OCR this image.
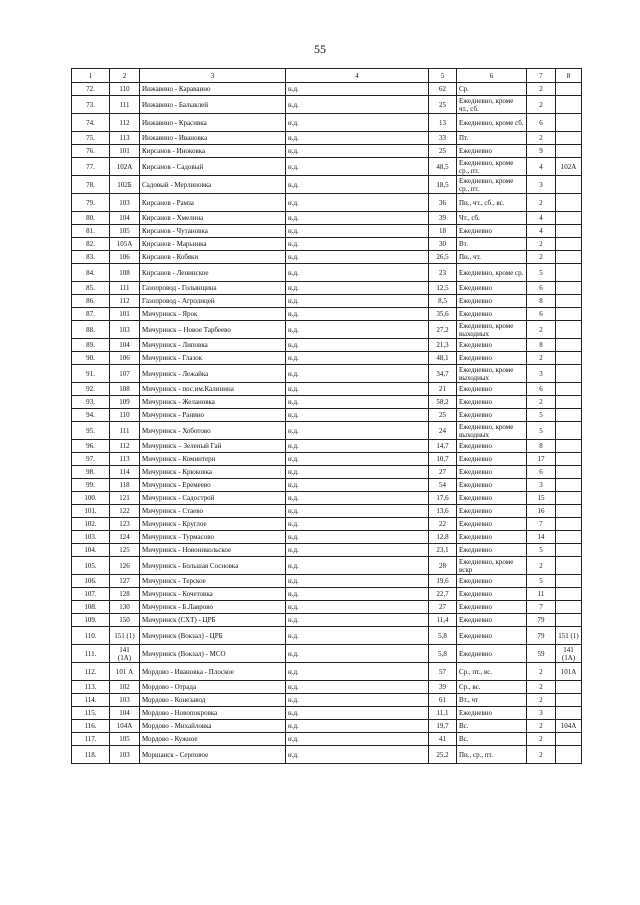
55
1	2	3	4	5	6	7	8
72.	110	Инжавино - Караваино	н.д.	62	Ср.	2	
73.	111	Инжавино - Балыклей	н.д.	25	Ежедневно, кроме чт., сб.	2	
74.	112	Инжавино - Красивка	н.д.	13	Ежедневно, кроме сб.	6	
75.	113	Инжавино - Ивановка	н.д.	33	Пт.	2	
76.	101	Кирсанов - Иноковка	н.д.	25	Ежедневно	9	
77.	102А	Кирсанов - Садовый	н.д.	48,5	Ежедневно, кроме ср., пт.	4	102А
78.	102Б	Садовый - Мерлиновка	н.д.	18,5	Ежедневно, кроме ср., пт.	3	
79.	103	Кирсанов - Рамза	н.д.	36	Пн., чт., сб., вс.	2	
80.	104	Кирсанов - Хмелина	н.д.	39	Чт., сб.	4	
81.	105	Кирсанов - Чутановка	н.д.	18	Ежедневно	4	
82.	105А	Кирсанов - Марьинка	н.д.	30	Вт.	2	
83.	106	Кирсанов - Кобяки	н.д.	26,5	Пн., чт.	2	
84.	108	Кирсанов - Ленинское	н.д.	23	Ежедневно, кроме ср.	5	
85.	111	Газопровод - Голынщина	н.д.	12,5	Ежедневно	6	
86.	112	Газопровод - Агролицей	н.д.	8,5	Ежедневно	8	
87.	101	Мичуринск - Ярок	н.д.	35,6	Ежедневно	6	
88.	103	Мичуринск – Новое Тарбеево	н.д.	27,2	Ежедневно, кроме выходных	2	
89.	104	Мичуринск - Липовка	н.д.	21,3	Ежедневно	8	
90.	106	Мичуринск - Глазок	н.д.	48,1	Ежедневно	2	
91.	107	Мичуринск - Лежайка	н.д.	34,7	Ежедневно, кроме выходных	3	
92.	108	Мичуринск - пос.им.Калинина	н.д.	21	Ежедневно	6	
93.	109	Мичуринск - Желановка	н.д.	58,2	Ежедневно	2	
94.	110	Мичуринск - Ранино	н.д.	25	Ежедневно	5	
95.	111	Мичуринск - Хоботово	н.д.	24	Ежедневно, кроме выходных	5	
96.	112	Мичуринск – Зеленый Гай	н.д.	14,7	Ежедневно	8	
97.	113	Мичуринск - Коминтерн	н.д.	10,7	Ежедневно	17	
98.	114	Мичуринск - Крюковка	н.д.	27	Ежедневно	6	
99.	118	Мичуринск - Еремеево	н.д.	54	Ежедневно	3	
100.	121	Мичуринск - Садострой	н.д.	17,6	Ежедневно	15	
101.	122	Мичуринск - Стаево	н.д.	13,6	Ежедневно	16	
102.	123	Мичуринск - Круглое	н.д.	22	Ежедневно	7	
103.	124	Мичуринск - Турмасово	н.д.	12,8	Ежедневно	14	
104.	125	Мичуринск - Новоникольское	н.д.	23,1	Ежедневно	5	
105.	126	Мичуринск - Большая Сосновка	н.д.	28	Ежедневно, кроме вскр	2	
106.	127	Мичуринск - Терское	н.д.	19,6	Ежедневно	5	
107.	128	Мичуринск - Кочетовка	н.д.	22,7	Ежедневно	11	
108.	130	Мичуринск - Б.Лаврово	н.д.	27	Ежедневно	7	
109.	150	Мичуринск (СХТ) - ЦРБ	н.д.	11,4	Ежедневно	79	
110.	151 (1)	Мичуринск (Вокзал) - ЦРБ	н.д.	5,8	Ежедневно	79	151 (1)
111.	141 (1А)	Мичуринск (Вокзал) - МСО	н.д.	5,8	Ежедневно	59	141 (1А)
112.	101 А	Мордово - Ивановка - Плоское	н.д.	57	Ср., пт., вс.	2	101А
113.	102	Мордово - Отрада	н.д.	39	Ср., вс.	2	
114.	103	Мордово - Конезавод	н.д.	61	Вт., чт	2	
115.	104	Мордово - Новопокровка	н.д.	11,1	Ежедневно	3	
116.	104А	Мордово - Михайловка	н.д.	19,7	Вс.	2	104А
117.	105	Мордово - Кужное	н.д.	41	Вс.	2	
118.	103	Моршанск - Серповое	н.д.	25,2	Пн., ср., пт.	2	
